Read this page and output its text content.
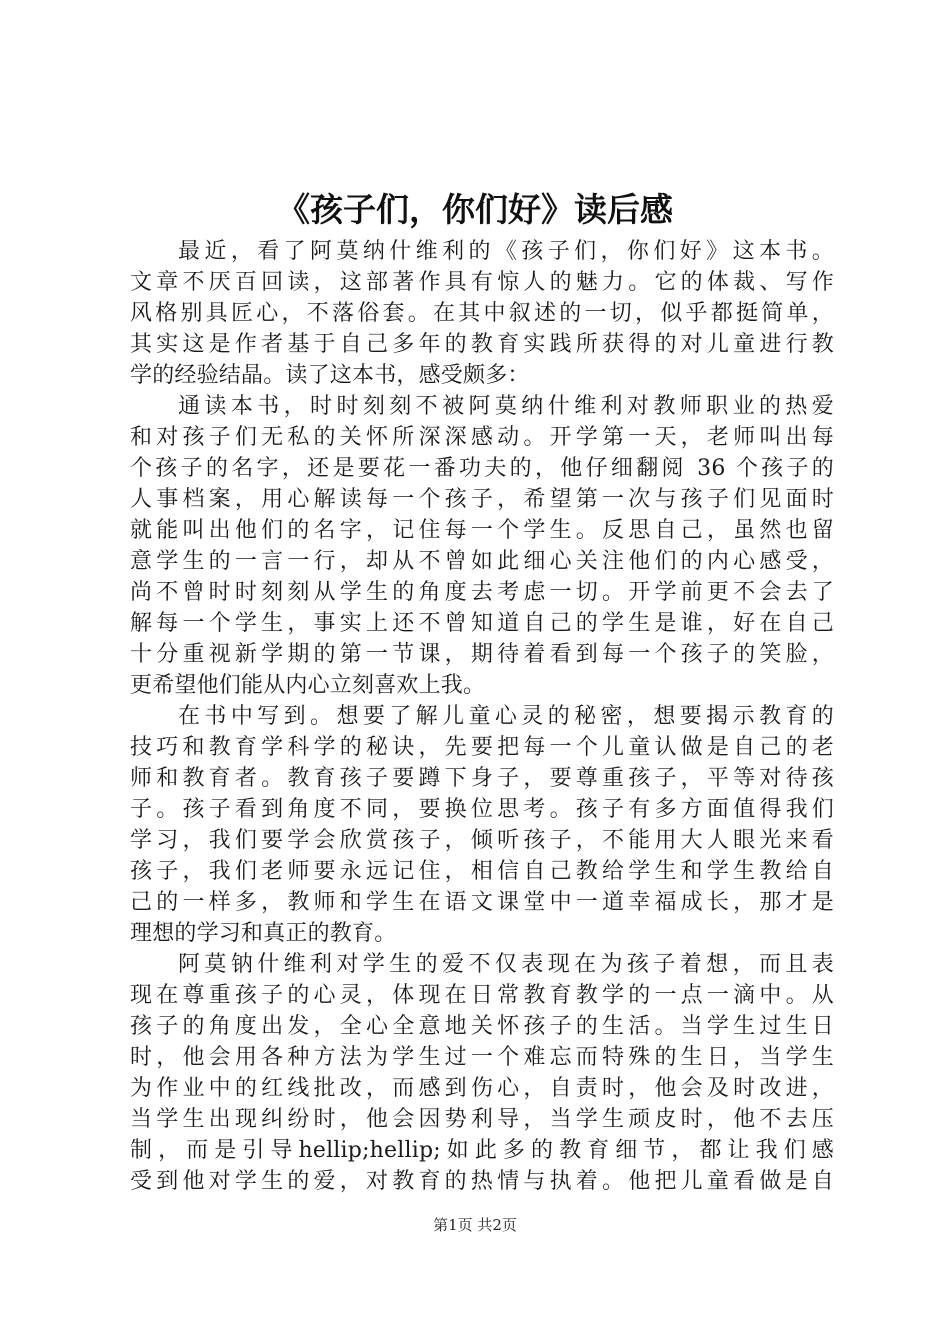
《孩子们，你们好》读后感

最近，看了阿莫纳什维利的《孩子们，你们好》这本书。
文章不厌百回读，这部著作具有惊人的魅力。它的体裁、写作
风格别具匠心，不落俗套。在其中叙述的一切，似乎都挺简单，
其实这是作者基于自己多年的教育实践所获得的对儿童进行教
学的经验结晶。读了这本书，感受颇多：

通读本书，时时刻刻不被阿莫纳什维利对教师职业的热爱
和对孩子们无私的关怀所深深感动。开学第一天，老师叫出每
个孩子的名字，还是要花一番功夫的，他仔细翻阅 36 个孩子的
人事档案，用心解读每一个孩子，希望第一次与孩子们见面时
就能叫出他们的名字，记住每一个学生。反思自己，虽然也留
意学生的一言一行，却从不曾如此细心关注他们的内心感受，
尚不曾时时刻刻从学生的角度去考虑一切。开学前更不会去了
解每一个学生，事实上还不曾知道自己的学生是谁，好在自己
十分重视新学期的第一节课，期待着看到每一个孩子的笑脸，
更希望他们能从内心立刻喜欢上我。

在书中写到。想要了解儿童心灵的秘密，想要揭示教育的
技巧和教育学科学的秘诀，先要把每一个儿童认做是自己的老
师和教育者。教育孩子要蹲下身子，要尊重孩子，平等对待孩
子。孩子看到角度不同，要换位思考。孩子有多方面值得我们
学习，我们要学会欣赏孩子，倾听孩子，不能用大人眼光来看
孩子，我们老师要永远记住，相信自己教给学生和学生教给自
己的一样多，教师和学生在语文课堂中一道幸福成长，那才是
理想的学习和真正的教育。

阿莫钠什维利对学生的爱不仅表现在为孩子着想，而且表
现在尊重孩子的心灵，体现在日常教育教学的一点一滴中。从
孩子的角度出发，全心全意地关怀孩子的生活。当学生过生日
时，他会用各种方法为学生过一个难忘而特殊的生日，当学生
为作业中的红线批改，而感到伤心，自责时，他会及时改进，
当学生出现纠纷时，他会因势利导，当学生顽皮时，他不去压
制，而是引导hellip;hellip;如此多的教育细节，都让我们感
受到他对学生的爱，对教育的热情与执着。他把儿童看做是自

第1页 共2页
